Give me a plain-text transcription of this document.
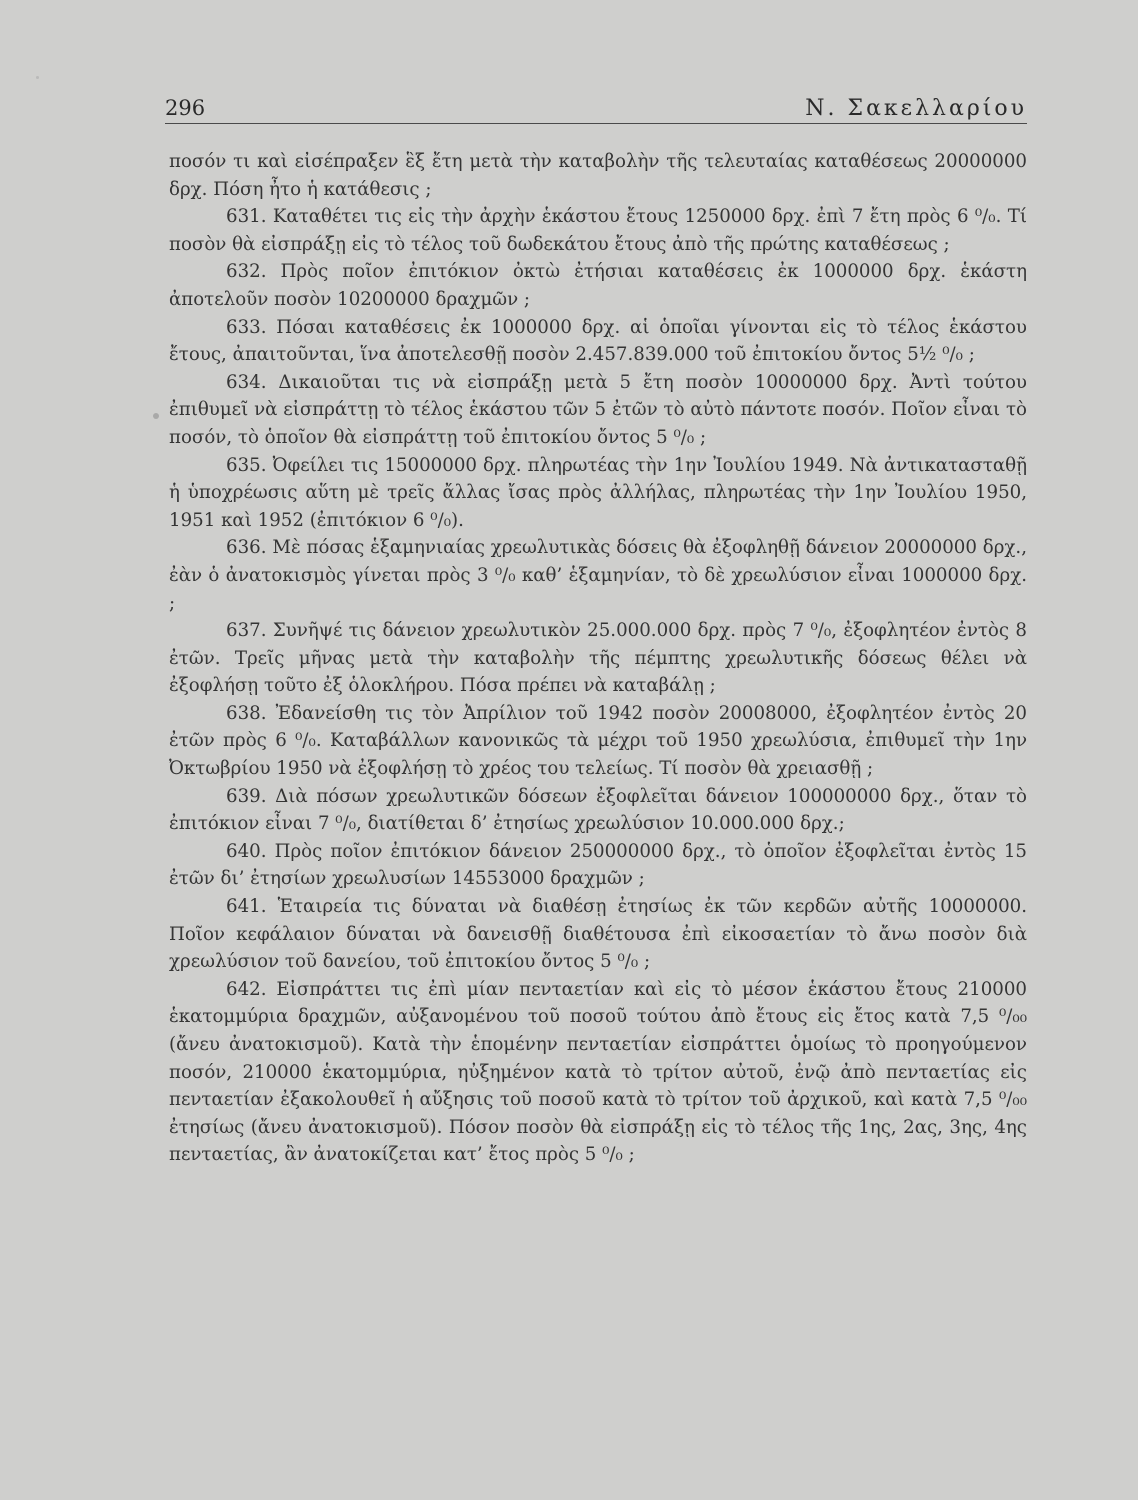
296	Ν. Σακελλαρίου

ποσόν τι καὶ εἰσέπραξεν ἓξ ἔτη μετὰ τὴν καταβολὴν τῆς τελευταίας καταθέσεως 20000000 δρχ. Πόση ἦτο ἡ κατάθεσις ;

631. Καταθέτει τις εἰς τὴν ἀρχὴν ἑκάστου ἔτους 1250000 δρχ. ἐπὶ 7 ἔτη πρὸς 6 ⁰/₀. Τί ποσὸν θὰ εἰσπράξῃ εἰς τὸ τέλος τοῦ δωδεκάτου ἔτους ἀπὸ τῆς πρώτης καταθέσεως ;

632. Πρὸς ποῖον ἐπιτόκιον ὀκτὼ ἐτήσιαι καταθέσεις ἐκ 1000000 δρχ. ἑκάστη ἀποτελοῦν ποσὸν 10200000 δραχμῶν ;

633. Πόσαι καταθέσεις ἐκ 1000000 δρχ. αἱ ὁποῖαι γίνονται εἰς τὸ τέλος ἑκάστου ἔτους, ἀπαιτοῦνται, ἵνα ἀποτελεσθῇ ποσὸν 2.457.839.000 τοῦ ἐπιτοκίου ὄντος 5½ ⁰/₀ ;

634. Δικαιοῦται τις νὰ εἰσπράξῃ μετὰ 5 ἔτη ποσὸν 10000000 δρχ. Ἀντὶ τούτου ἐπιθυμεῖ νὰ εἰσπράττῃ τὸ τέλος ἑκάστου τῶν 5 ἐτῶν τὸ αὐτὸ πάντοτε ποσόν. Ποῖον εἶναι τὸ ποσόν, τὸ ὁποῖον θὰ εἰσπράττῃ τοῦ ἐπιτοκίου ὄντος 5 ⁰/₀ ;

635. Ὀφείλει τις 15000000 δρχ. πληρωτέας τὴν 1ην Ἰουλίου 1949. Νὰ ἀντικατασταθῇ ἡ ὑποχρέωσις αὕτη μὲ τρεῖς ἄλλας ἴσας πρὸς ἀλλήλας, πληρωτέας τὴν 1ην Ἰουλίου 1950, 1951 καὶ 1952 (ἐπιτόκιον 6 ⁰/₀).

636. Μὲ πόσας ἑξαμηνιαίας χρεωλυτικὰς δόσεις θὰ ἐξοφληθῇ δάνειον 20000000 δρχ., ἐὰν ὁ ἀνατοκισμὸς γίνεται πρὸς 3 ⁰/₀ καθ’ ἑξαμηνίαν, τὸ δὲ χρεωλύσιον εἶναι 1000000 δρχ. ;

637. Συνῆψέ τις δάνειον χρεωλυτικὸν 25.000.000 δρχ. πρὸς 7 ⁰/₀, ἐξοφλητέον ἐντὸς 8 ἐτῶν. Τρεῖς μῆνας μετὰ τὴν καταβολὴν τῆς πέμπτης χρεωλυτικῆς δόσεως θέλει νὰ ἐξοφλήσῃ τοῦτο ἐξ ὁλοκλήρου. Πόσα πρέπει νὰ καταβάλῃ ;

638. Ἐδανείσθη τις τὸν Ἀπρίλιον τοῦ 1942 ποσὸν 20008000, ἐξοφλητέον ἐντὸς 20 ἐτῶν πρὸς 6 ⁰/₀. Καταβάλλων κανονικῶς τὰ μέχρι τοῦ 1950 χρεωλύσια, ἐπιθυμεῖ τὴν 1ην Ὀκτωβρίου 1950 νὰ ἐξοφλήσῃ τὸ χρέος του τελείως. Τί ποσὸν θὰ χρειασθῇ ;

639. Διὰ πόσων χρεωλυτικῶν δόσεων ἐξοφλεῖται δάνειον 100000000 δρχ., ὅταν τὸ ἐπιτόκιον εἶναι 7 ⁰/₀, διατίθεται δ’ ἐτησίως χρεωλύσιον 10.000.000 δρχ.;

640. Πρὸς ποῖον ἐπιτόκιον δάνειον 250000000 δρχ., τὸ ὁποῖον ἐξοφλεῖται ἐντὸς 15 ἐτῶν δι’ ἐτησίων χρεωλυσίων 14553000 δραχμῶν ;

641. Ἑταιρεία τις δύναται νὰ διαθέσῃ ἐτησίως ἐκ τῶν κερδῶν αὐτῆς 10000000. Ποῖον κεφάλαιον δύναται νὰ δανεισθῇ διαθέτουσα ἐπὶ εἰκοσαετίαν τὸ ἄνω ποσὸν διὰ χρεωλύσιον τοῦ δανείου, τοῦ ἐπιτοκίου ὄντος 5 ⁰/₀ ;

642. Εἰσπράττει τις ἐπὶ μίαν πενταετίαν καὶ εἰς τὸ μέσον ἑκάστου ἔτους 210000 ἑκατομμύρια δραχμῶν, αὐξανομένου τοῦ ποσοῦ τούτου ἀπὸ ἔτους εἰς ἔτος κατὰ 7,5 ⁰/₀₀ (ἄνευ ἀνατοκισμοῦ). Κατὰ τὴν ἑπομένην πενταετίαν εἰσπράττει ὁμοίως τὸ προηγούμενον ποσόν, 210000 ἑκατομμύρια, ηὐξημένον κατὰ τὸ τρίτον αὐτοῦ, ἐνῷ ἀπὸ πενταετίας εἰς πενταετίαν ἐξακολουθεῖ ἡ αὔξησις τοῦ ποσοῦ κατὰ τὸ τρίτον τοῦ ἀρχικοῦ, καὶ κατὰ 7,5 ⁰/₀₀ ἐτησίως (ἄνευ ἀνατοκισμοῦ). Πόσον ποσὸν θὰ εἰσπράξῃ εἰς τὸ τέλος τῆς 1ης, 2ας, 3ης, 4ης πενταετίας, ἂν ἀνατοκίζεται κατ’ ἔτος πρὸς 5 ⁰/₀ ;
